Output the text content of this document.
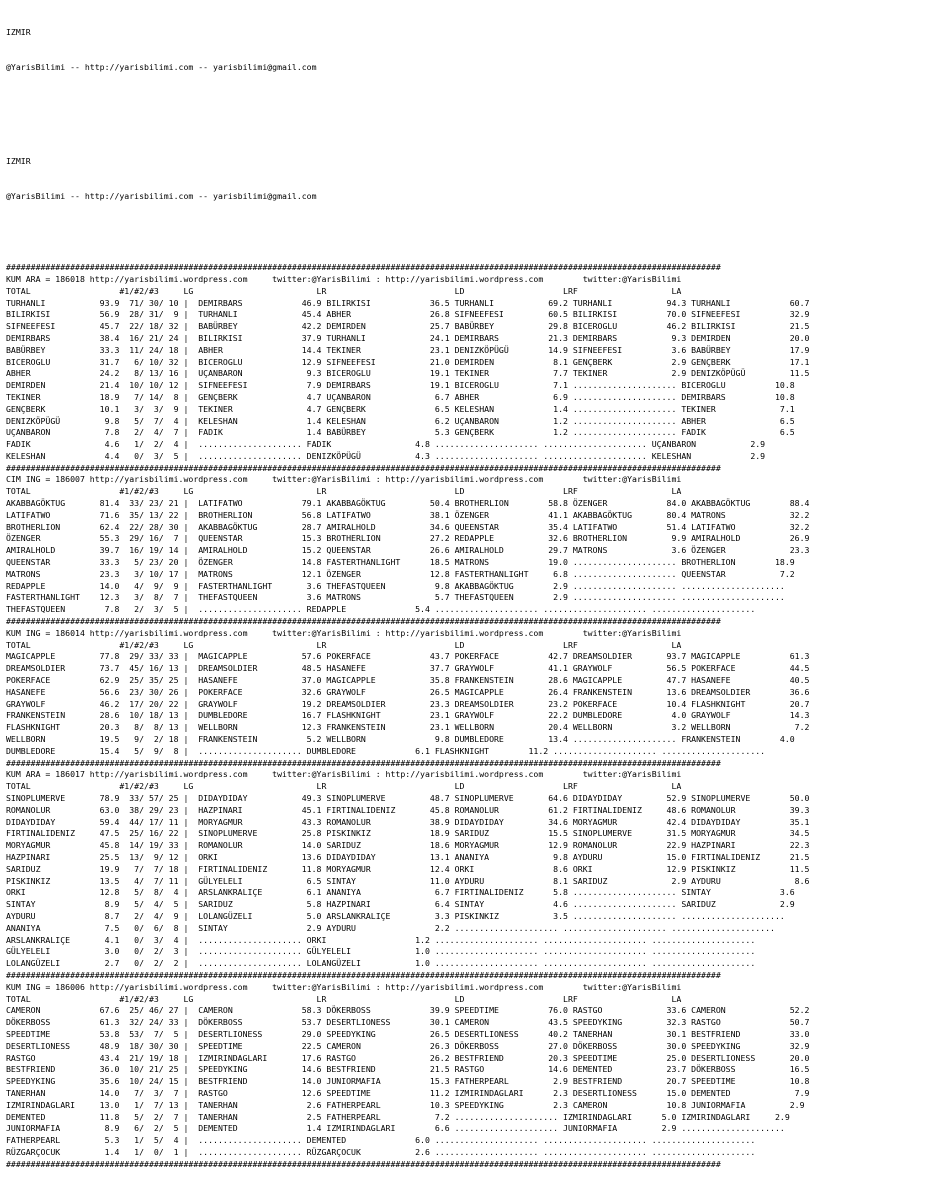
IZMIR

@YarisBilimi -- http://yarisbilimi.com -- yarisbilimi@gmail.com

IZMIR

@YarisBilimi -- http://yarisbilimi.com -- yarisbilimi@gmail.com

#################################################################################################################################################
KUM ARA = 186018 http://yarisbilimi.wordpress.com     twitter:@YarisBilimi : http://yarisbilimi.wordpress.com        twitter:@YarisBilimi
TOTAL                  #1/#2/#3     LG                         LR                          LD                    LRF                   LA
TURHANLI           93.9  71/ 30/ 10 |  DEMIRBARS            46.9 BILIRKISI            36.5 TURHANLI           69.2 TURHANLI           94.3 TURHANLI            60.7
BILIRKISI          56.9  28/ 31/  9 |  TURHANLI             45.4 ABHER                26.8 SIFNEEFESI         60.5 BILIRKISI          70.0 SIFNEEFESI          32.9
SIFNEEFESI         45.7  22/ 18/ 32 |  BABÜRBEY             42.2 DEMIRDEN             25.7 BABÜRBEY           29.8 BICEROGLU          46.2 BILIRKISI           21.5
DEMIRBARS          38.4  16/ 21/ 24 |  BILIRKISI            37.9 TURHANLI             24.1 DEMIRBARS          21.3 DEMIRBARS           9.3 DEMIRDEN            20.0
BABÜRBEY           33.3  11/ 24/ 18 |  ABHER                14.4 TEKINER              23.1 DENIZKÖPÜGÜ        14.9 SIFNEEFESI          3.6 BABÜRBEY            17.9
BICEROGLU          31.7   6/ 10/ 32 |  BICEROGLU            12.9 SIFNEEFESI           21.0 DEMIRDEN            8.1 GENÇBERK            2.9 GENÇBERK            17.1
ABHER              24.2   8/ 13/ 16 |  UÇANBARON             9.3 BICEROGLU            19.1 TEKINER             7.7 TEKINER             2.9 DENIZKÖPÜGÜ         11.5
DEMIRDEN           21.4  10/ 10/ 12 |  SIFNEEFESI            7.9 DEMIRBARS            19.1 BICEROGLU           7.1 ..................... BICEROGLU          10.8
TEKINER            18.9   7/ 14/  8 |  GENÇBERK              4.7 UÇANBARON             6.7 ABHER               6.9 ..................... DEMIRBARS          10.8
GENÇBERK           10.1   3/  3/  9 |  TEKINER               4.7 GENÇBERK              6.5 KELESHAN            1.4 ..................... TEKINER             7.1
DENIZKÖPÜGÜ         9.8   5/  7/  4 |  KELESHAN              1.4 KELESHAN              6.2 UÇANBARON           1.2 ..................... ABHER               6.5
UÇANBARON           7.8   2/  4/  7 |  FADIK                 1.4 BABÜRBEY              5.3 GENÇBERK            1.2 ..................... FADIK               6.5
FADIK               4.6   1/  2/  4 |  ..................... FADIK                 4.8 ..................... ..................... UÇANBARON           2.9
KELESHAN            4.4   0/  3/  5 |  ..................... DENIZKÖPÜGÜ           4.3 ..................... ..................... KELESHAN            2.9
#################################################################################################################################################
CIM ING = 186007 http://yarisbilimi.wordpress.com     twitter:@YarisBilimi : http://yarisbilimi.wordpress.com        twitter:@YarisBilimi
TOTAL                  #1/#2/#3     LG                         LR                          LD                    LRF                   LA
AKABBAGÖKTUG       81.4  33/ 23/ 21 |  LATIFATWO            79.1 AKABBAGÖKTUG         50.4 BROTHERLION        58.8 ÖZENGER            84.0 AKABBAGÖKTUG        88.4
LATIFATWO          71.6  35/ 13/ 22 |  BROTHERLION          56.8 LATIFATWO            38.1 ÖZENGER            41.1 AKABBAGÖKTUG       80.4 MATRONS             32.2
BROTHERLION        62.4  22/ 28/ 30 |  AKABBAGÖKTUG         28.7 AMIRALHOLD           34.6 QUEENSTAR          35.4 LATIFATWO          51.4 LATIFATWO           32.2
ÖZENGER            55.3  29/ 16/  7 |  QUEENSTAR            15.3 BROTHERLION          27.2 REDAPPLE           32.6 BROTHERLION         9.9 AMIRALHOLD          26.9
AMIRALHOLD         39.7  16/ 19/ 14 |  AMIRALHOLD           15.2 QUEENSTAR            26.6 AMIRALHOLD         29.7 MATRONS             3.6 ÖZENGER             23.3
QUEENSTAR          33.3   5/ 23/ 20 |  ÖZENGER              14.8 FASTERTHANLIGHT      18.5 MATRONS            19.0 ..................... BROTHERLION        18.9
MATRONS            23.3   3/ 10/ 17 |  MATRONS              12.1 ÖZENGER              12.8 FASTERTHANLIGHT     6.8 ..................... QUEENSTAR           7.2
REDAPPLE           14.0   4/  9/  9 |  FASTERTHANLIGHT       3.6 THEFASTQUEEN          9.8 AKABBAGÖKTUG        2.9 ..................... .....................
FASTERTHANLIGHT    12.3   3/  8/  7 |  THEFASTQUEEN          3.6 MATRONS               5.7 THEFASTQUEEN        2.9 ..................... .....................
THEFASTQUEEN        7.8   2/  3/  5 |  ..................... REDAPPLE              5.4 ..................... ..................... .....................
#################################################################################################################################################
KUM ING = 186014 http://yarisbilimi.wordpress.com     twitter:@YarisBilimi : http://yarisbilimi.wordpress.com        twitter:@YarisBilimi
TOTAL                  #1/#2/#3     LG                         LR                          LD                    LRF                   LA
MAGICAPPLE         77.8  29/ 33/ 33 |  MAGICAPPLE           57.6 POKERFACE            43.7 POKERFACE          42.7 DREAMSOLDIER       93.7 MAGICAPPLE          61.3
DREAMSOLDIER       73.7  45/ 16/ 13 |  DREAMSOLDIER         48.5 HASANEFE             37.7 GRAYWOLF           41.1 GRAYWOLF           56.5 POKERFACE           44.5
POKERFACE          62.9  25/ 35/ 25 |  HASANEFE             37.0 MAGICAPPLE           35.8 FRANKENSTEIN       28.6 MAGICAPPLE         47.7 HASANEFE            40.5
HASANEFE           56.6  23/ 30/ 26 |  POKERFACE            32.6 GRAYWOLF             26.5 MAGICAPPLE         26.4 FRANKENSTEIN       13.6 DREAMSOLDIER        36.6
GRAYWOLF           46.2  17/ 20/ 22 |  GRAYWOLF             19.2 DREAMSOLDIER         23.3 DREAMSOLDIER       23.2 POKERFACE          10.4 FLASHKNIGHT         20.7
FRANKENSTEIN       28.6  10/ 18/ 13 |  DUMBLEDORE           16.7 FLASHKNIGHT          23.1 GRAYWOLF           22.2 DUMBLEDORE          4.0 GRAYWOLF            14.3
FLASHKNIGHT        20.3   8/  8/ 13 |  WELLBORN             12.3 FRANKENSTEIN         23.1 WELLBORN           20.4 WELLBORN            3.2 WELLBORN             7.2
WELLBORN           19.5   9/  2/ 18 |  FRANKENSTEIN          5.2 WELLBORN              9.8 DUMBLEDORE         13.4 ..................... FRANKENSTEIN        4.0
DUMBLEDORE         15.4   5/  9/  8 |  ..................... DUMBLEDORE            6.1 FLASHKNIGHT        11.2 ..................... .....................
#################################################################################################################################################
KUM ARA = 186017 http://yarisbilimi.wordpress.com     twitter:@YarisBilimi : http://yarisbilimi.wordpress.com        twitter:@YarisBilimi
TOTAL                  #1/#2/#3     LG                         LR                          LD                    LRF                   LA
SINOPLUMERVE       78.9  33/ 57/ 25 |  DIDAYDIDAY           49.3 SINOPLUMERVE         48.7 SINOPLUMERVE       64.6 DIDAYDIDAY         52.9 SINOPLUMERVE        50.0
ROMANOLUR          63.0  38/ 29/ 23 |  HAZPINARI            45.1 FIRTINALIDENIZ       45.8 ROMANOLUR          61.2 FIRTINALIDENIZ     48.6 ROMANOLUR           39.3
DIDAYDIDAY         59.4  44/ 17/ 11 |  MORYAGMUR            43.3 ROMANOLUR            38.9 DIDAYDIDAY         34.6 MORYAGMUR          42.4 DIDAYDIDAY          35.1
FIRTINALIDENIZ     47.5  25/ 16/ 22 |  SINOPLUMERVE         25.8 PISKINKIZ            18.9 SARIDUZ            15.5 SINOPLUMERVE       31.5 MORYAGMUR           34.5
MORYAGMUR          45.8  14/ 19/ 33 |  ROMANOLUR            14.0 SARIDUZ              18.6 MORYAGMUR          12.9 ROMANOLUR          22.9 HAZPINARI           22.3
HAZPINARI          25.5  13/  9/ 12 |  ORKI                 13.6 DIDAYDIDAY           13.1 ANANIYA             9.8 AYDURU             15.0 FIRTINALIDENIZ      21.5
SARIDUZ            19.9   7/  7/ 18 |  FIRTINALIDENIZ       11.8 MORYAGMUR            12.4 ORKI                8.6 ORKI               12.9 PISKINKIZ           11.5
PISKINKIZ          13.5   4/  7/ 11 |  GÜLYELELI             6.5 SINTAY               11.0 AYDURU              8.1 SARIDUZ             2.9 AYDURU               8.6
ORKI               12.8   5/  8/  4 |  ARSLANKRALIÇE         6.1 ANANIYA               6.7 FIRTINALIDENIZ      5.8 ..................... SINTAY              3.6
SINTAY              8.9   5/  4/  5 |  SARIDUZ               5.8 HAZPINARI             6.4 SINTAY              4.6 ..................... SARIDUZ             2.9
AYDURU              8.7   2/  4/  9 |  LOLANGÜZELI           5.0 ARSLANKRALIÇE         3.3 PISKINKIZ           3.5 ..................... .....................
ANANIYA             7.5   0/  6/  8 |  SINTAY                2.9 AYDURU                2.2 ..................... ..................... .....................
ARSLANKRALIÇE       4.1   0/  3/  4 |  ..................... ORKI                  1.2 ..................... ..................... .....................
GÜLYELELI           3.0   0/  2/  3 |  ..................... GÜLYELELI             1.0 ..................... ..................... .....................
LOLANGÜZELI         2.7   0/  2/  2 |  ..................... LOLANGÜZELI           1.0 ..................... ..................... .....................
#################################################################################################################################################
KUM ING = 186006 http://yarisbilimi.wordpress.com     twitter:@YarisBilimi : http://yarisbilimi.wordpress.com        twitter:@YarisBilimi
TOTAL                  #1/#2/#3     LG                         LR                          LD                    LRF                   LA
CAMERON            67.6  25/ 46/ 27 |  CAMERON              58.3 DÖKERBOSS            39.9 SPEEDTIME          76.0 RASTGO             33.6 CAMERON             52.2
DÖKERBOSS          61.3  32/ 24/ 33 |  DÖKERBOSS            53.7 DESERTLIONESS        30.1 CAMERON            43.5 SPEEDYKING         32.3 RASTGO              50.7
SPEEDTIME          53.8  53/  7/  5 |  DESERTLIONESS        29.0 SPEEDYKING           26.5 DESERTLIONESS      40.2 TANERHAN           30.1 BESTFRIEND          33.0
DESERTLIONESS      48.9  18/ 30/ 30 |  SPEEDTIME            22.5 CAMERON              26.3 DÖKERBOSS          27.0 DÖKERBOSS          30.0 SPEEDYKING          32.9
RASTGO             43.4  21/ 19/ 18 |  IZMIRINDAGLARI       17.6 RASTGO               26.2 BESTFRIEND         20.3 SPEEDTIME          25.0 DESERTLIONESS       20.0
BESTFRIEND         36.0  10/ 21/ 25 |  SPEEDYKING           14.6 BESTFRIEND           21.5 RASTGO             14.6 DEMENTED           23.7 DÖKERBOSS           16.5
SPEEDYKING         35.6  10/ 24/ 15 |  BESTFRIEND           14.0 JUNIORMAFIA          15.3 FATHERPEARL         2.9 BESTFRIEND         20.7 SPEEDTIME           10.8
TANERHAN           14.0   7/  3/  7 |  RASTGO               12.6 SPEEDTIME            11.2 IZMIRINDAGLARI      2.3 DESERTLIONESS      15.0 DEMENTED             7.9
IZMIRINDAGLARI     13.0   1/  7/ 13 |  TANERHAN              2.6 FATHERPEARL          10.3 SPEEDYKING          2.3 CAMERON            10.8 JUNIORMAFIA         2.9
DEMENTED           11.8   5/  2/  7 |  TANERHAN              2.5 FATHERPEARL           7.2 ..................... IZMIRINDAGLARI      5.0 IZMIRINDAGLARI     2.9
JUNIORMAFIA         8.9   6/  2/  5 |  DEMENTED              1.4 IZMIRINDAGLARI        6.6 ..................... JUNIORMAFIA         2.9 .....................
FATHERPEARL         5.3   1/  5/  4 |  ..................... DEMENTED              6.0 ..................... ..................... .....................
RÜZGARÇOCUK         1.4   1/  0/  1 |  ..................... RÜZGARÇOCUK           2.6 ..................... ..................... .....................
#################################################################################################################################################
